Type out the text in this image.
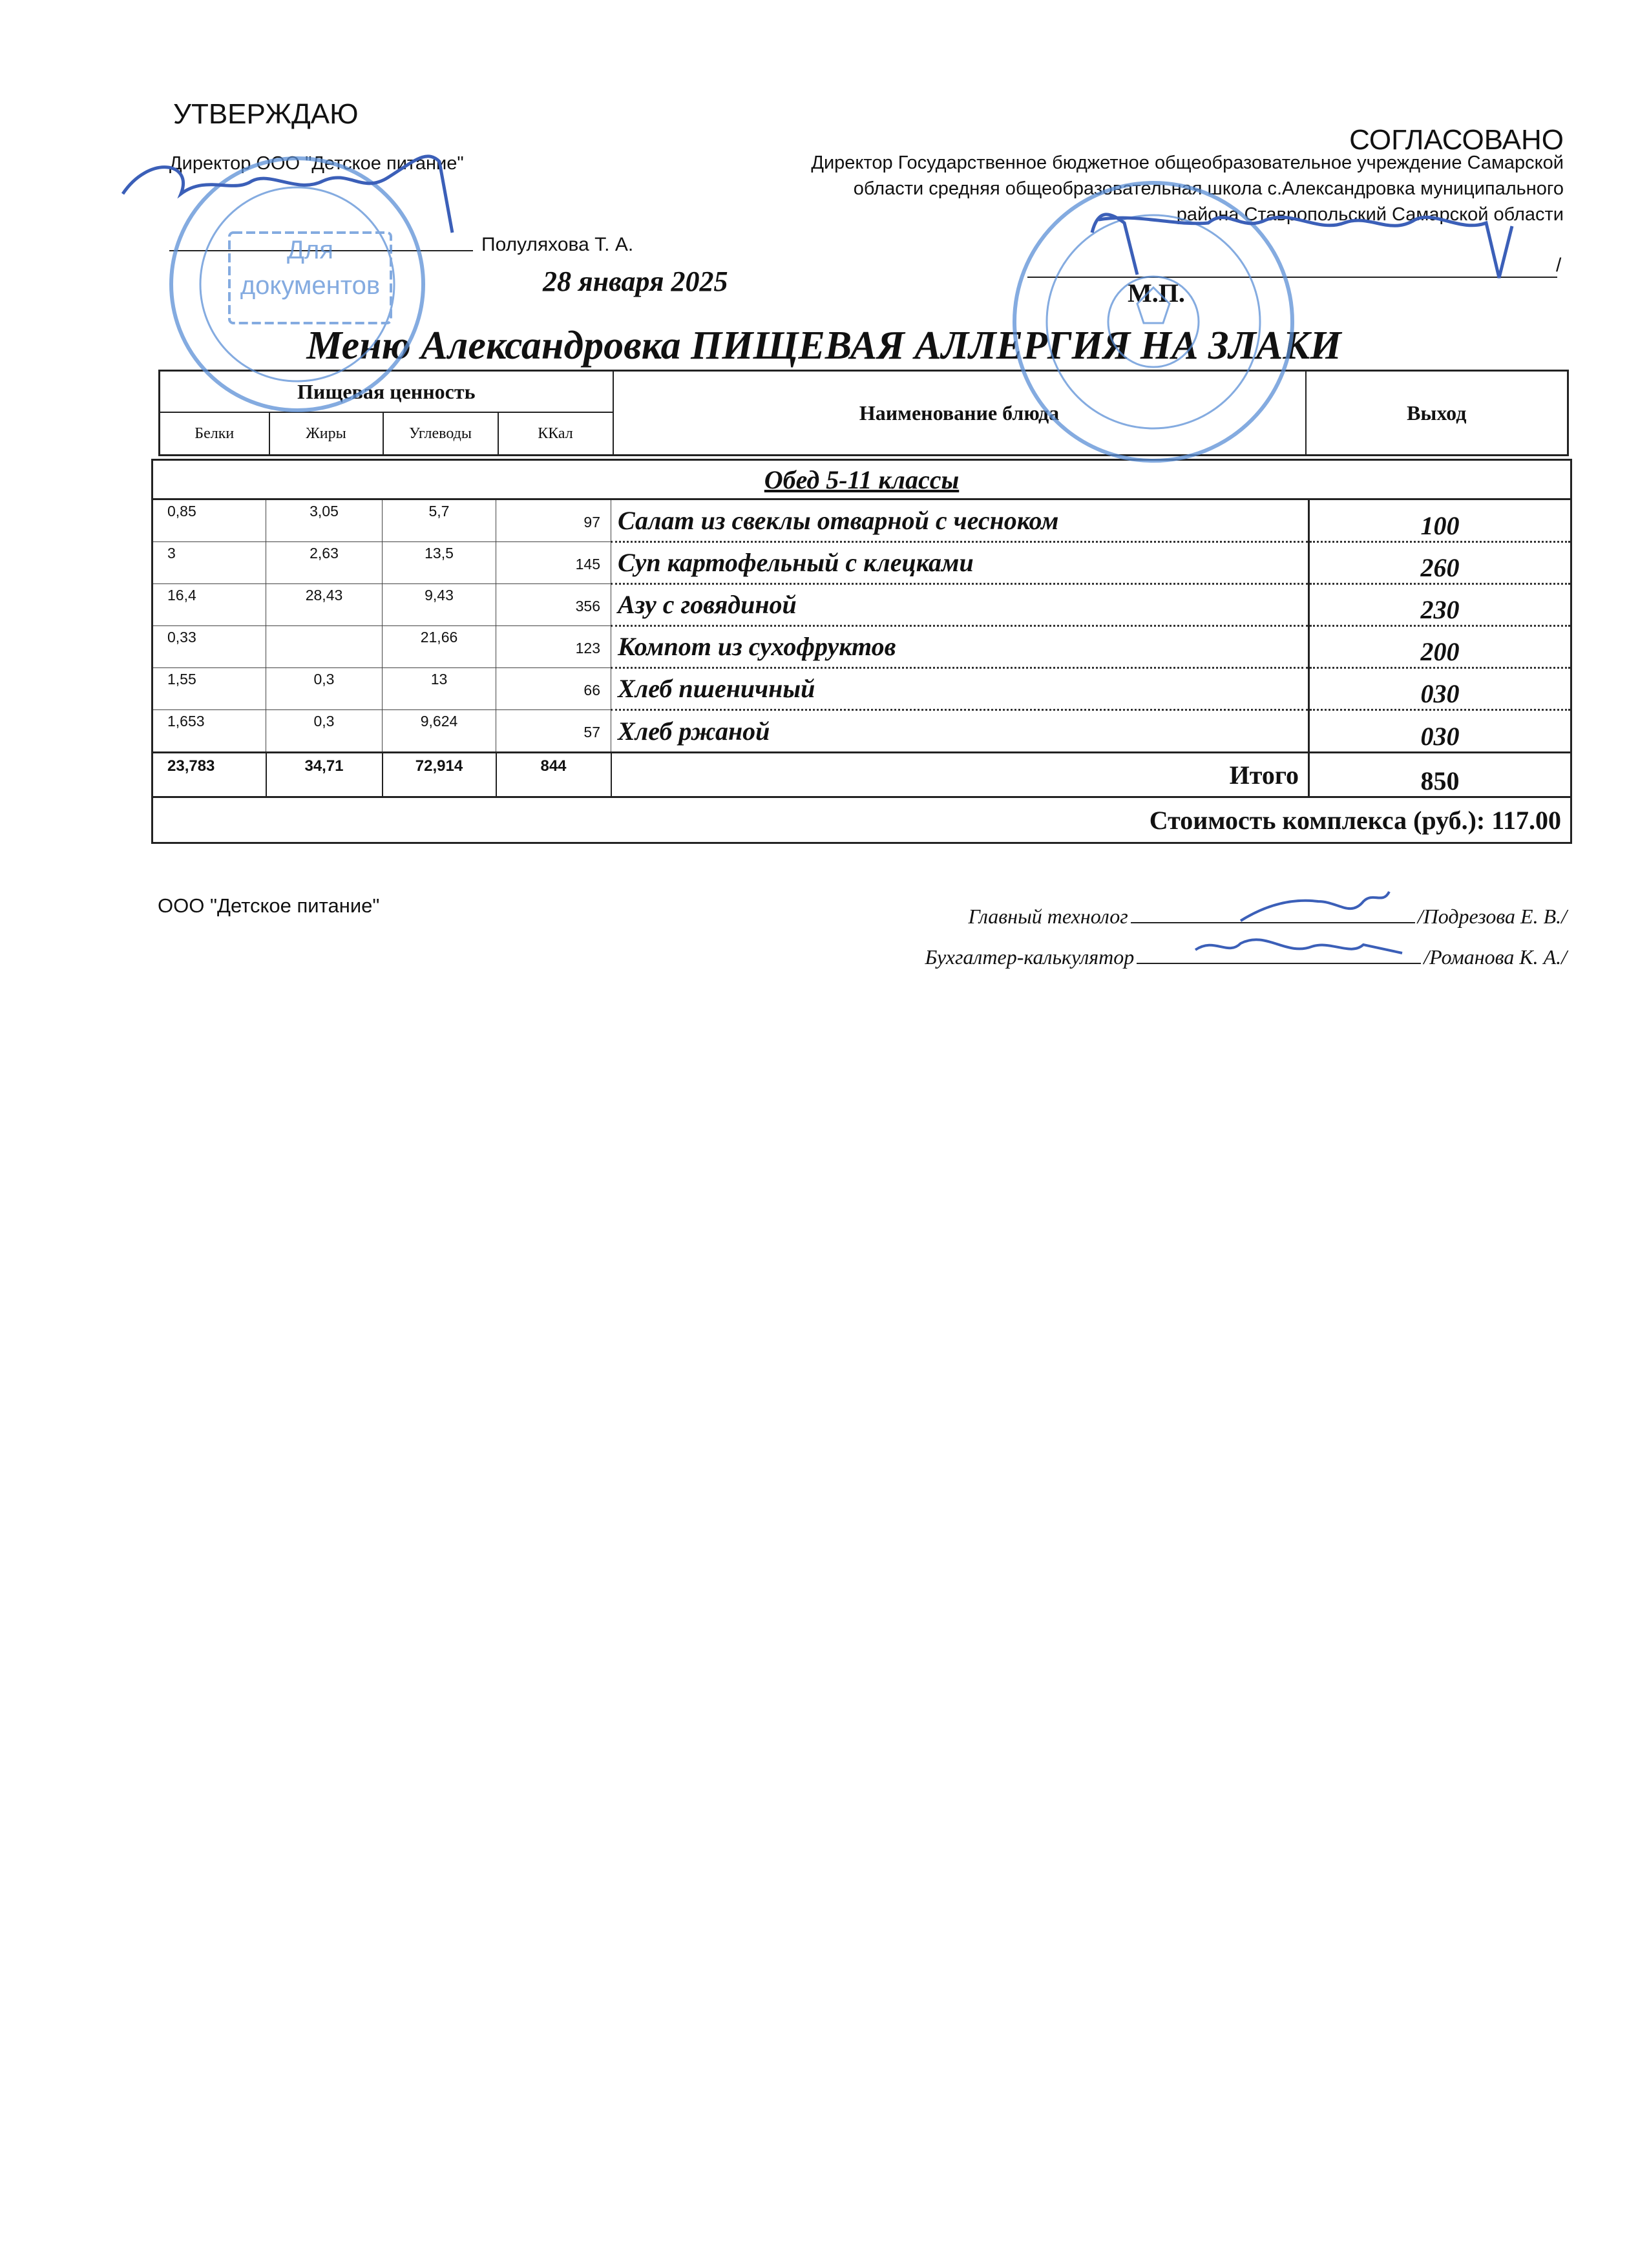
УТВЕРЖДАЮ
Директор ООО "Детское питание"
Полуляхова Т. А.
28 января 2025
СОГЛАСОВАНО
Директор Государственное бюджетное общеобразовательное учреждение Самарской
области средняя общеобразовательная школа с.Александровка муниципального
района Ставропольский Самарской области
/
М.П.
Меню Александровка ПИЩЕВАЯ АЛЛЕРГИЯ НА ЗЛАКИ
Пищевая ценность				Наименование блюда	Выход
Белки	Жиры	Углеводы	ККал		
Обед 5-11 классы					
0,85	3,05	5,7	97	Салат из свеклы отварной с чесноком	100
3	2,63	13,5	145	Суп картофельный с клецками	260
16,4	28,43	9,43	356	Азу с говядиной	230
0,33		21,66	123	Компот из сухофруктов	200
1,55	0,3	13	66	Хлеб пшеничный	030
1,653	0,3	9,624	57	Хлеб ржаной	030
23,783	34,71	72,914	844	Итого	850
Стоимость комплекса (руб.): 117.00					
ООО "Детское питание"	Главный технолог	/Подрезова Е. В./
Бухгалтер-калькулятор	/Романова К. А./
Для
документов
